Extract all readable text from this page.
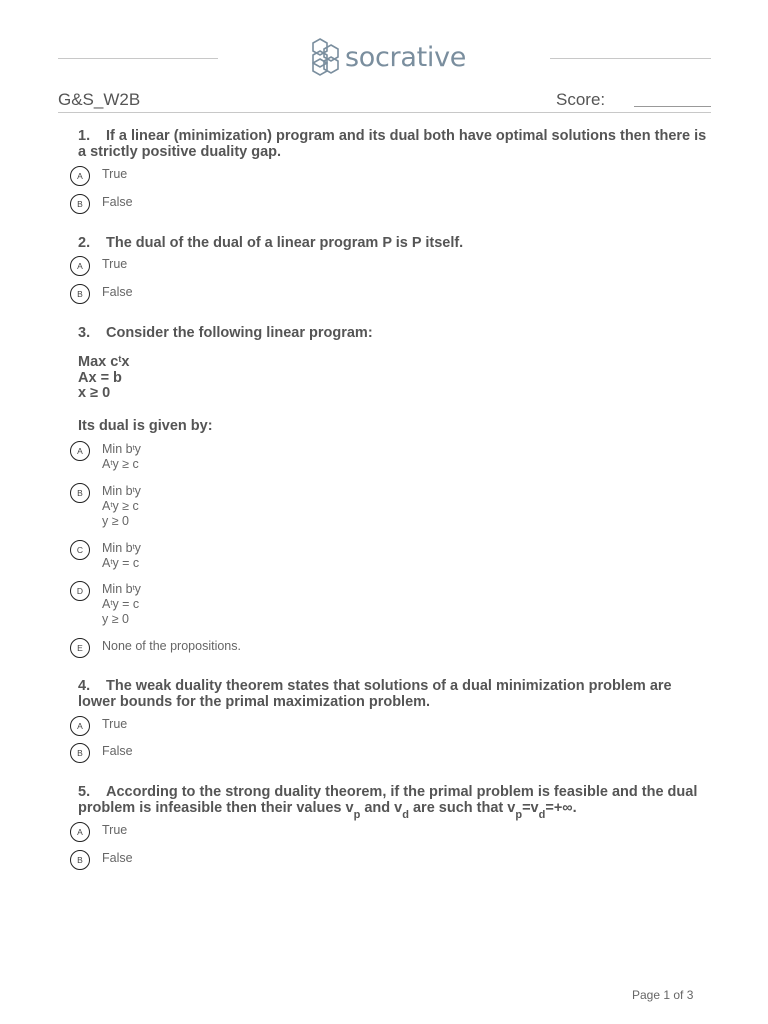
socrative
G&S_W2B	Score:
1. If a linear (minimization) program and its dual both have optimal solutions then there is a strictly positive duality gap.
A	True
B	False
2. The dual of the dual of a linear program P is P itself.
A	True
B	False
3. Consider the following linear program:
Max $c^tx$
Ax = b
x ≥ 0
Its dual is given by:
A	Min $b^ty$
$A^ty \ge c$
B	Min $b^ty$
$A^ty \ge c$
y ≥ 0
C	Min $b^ty$
$A^ty = c$
D	Min $b^ty$
$A^ty = c$
y ≥ 0
E	None of the propositions.
4. The weak duality theorem states that solutions of a dual minimization problem are lower bounds for the primal maximization problem.
A	True
B	False
5. According to the strong duality theorem, if the primal problem is feasible and the dual problem is infeasible then their values $v_p$ and $v_d$ are such that $v_p=v_d=+\infty$.
A	True
B	False
Page 1 of 3
